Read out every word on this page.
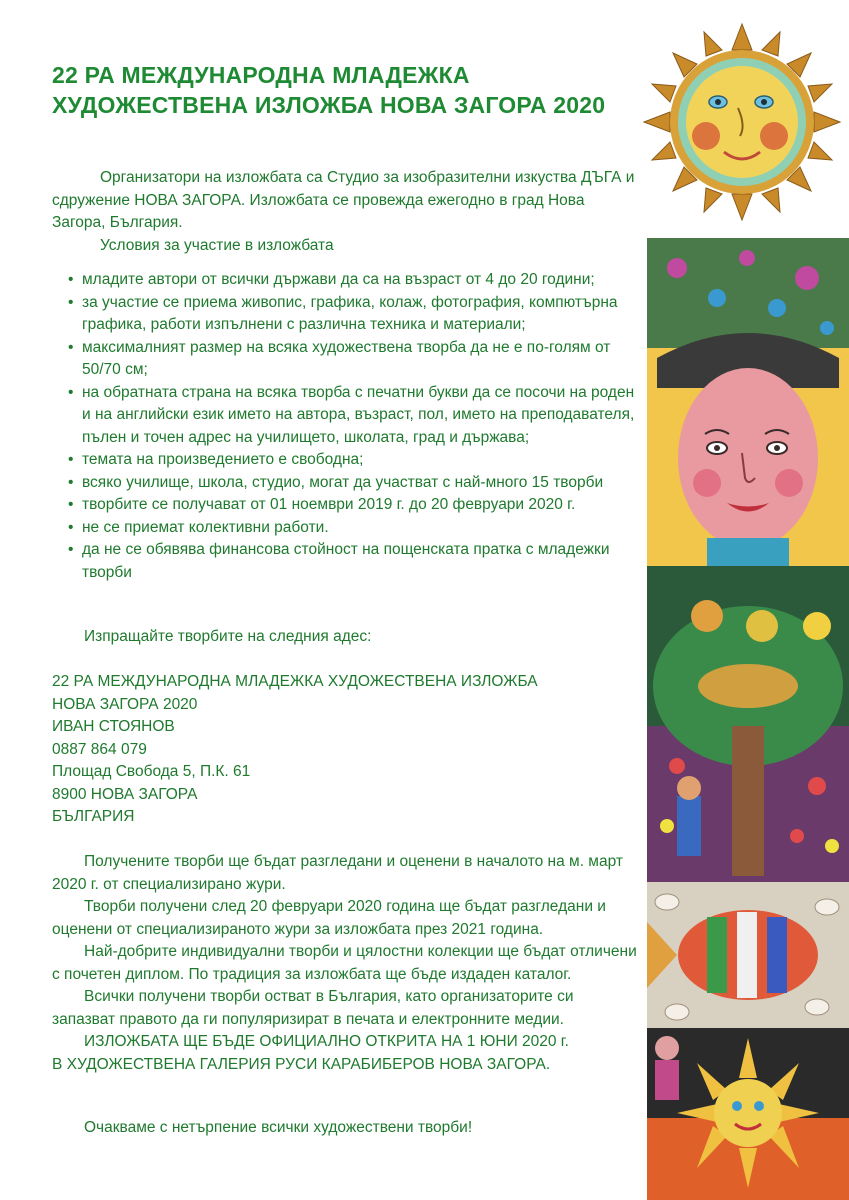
22 РА МЕЖДУНАРОДНА МЛАДЕЖКА
ХУДОЖЕСТВЕНА ИЗЛОЖБА НОВА ЗАГОРА 2020

Организатори на изложбата са Студио за изобразителни изкуства ДЪГА и сдружение НОВА ЗАГОРА. Изложбата се провежда ежегодно в град Нова Загора, България.

Условия за участие в изложбата

• младите автори от всички държави да са на възраст от 4 до 20 години;
• за участие се приема живопис, графика, колаж, фотография, компютърна графика, работи изпълнени с различна техника и материали;
• максималният размер на всяка художествена творба да не е по-голям от 50/70 см;
• на обратната страна на всяка творба с печатни букви да се посочи на роден и на английски език името на автора, възраст, пол, името на преподавателя, пълен и точен адрес на училището, школата, град и държава;
• темата на произведението е свободна;
• всяко училище, школа, студио, могат да участват с най-много 15 творби
• творбите се получават от 01 ноември 2019 г. до 20 февруари 2020 г.
• не се приемат колективни работи.
• да не се обявява финансова стойност на пощенската пратка с младежки творби

Изпращайте творбите на следния адес:

22 РА МЕЖДУНАРОДНА МЛАДЕЖКА ХУДОЖЕСТВЕНА ИЗЛОЖБА
НОВА ЗАГОРА 2020
ИВАН СТОЯНОВ
0887 864 079
Площад Свобода 5, П.К. 61
8900 НОВА ЗАГОРА
БЪЛГАРИЯ

Получените творби ще бъдат разгледани и оценени в началото на м. март 2020 г. от специализирано жури.

Творби получени след 20 февруари 2020 година ще бъдат разгледани и оценени от специализираното жури за изложбата през 2021 година.

Най-добрите индивидуални творби и цялостни колекции ще бъдат отличени с почетен диплом. По традиция за изложбата ще бъде издаден каталог.

Всички получени творби остват в България, като организаторите си запазват правото да ги популяризират в печата и електронните медии.

ИЗЛОЖБАТА ЩЕ БЪДЕ ОФИЦИАЛНО ОТКРИТА НА 1 ЮНИ 2020 г.
В ХУДОЖЕСТВЕНА ГАЛЕРИЯ РУСИ КАРАБИБЕРОВ НОВА ЗАГОРА.

Очакваме с нетърпение всички художествени творби!
